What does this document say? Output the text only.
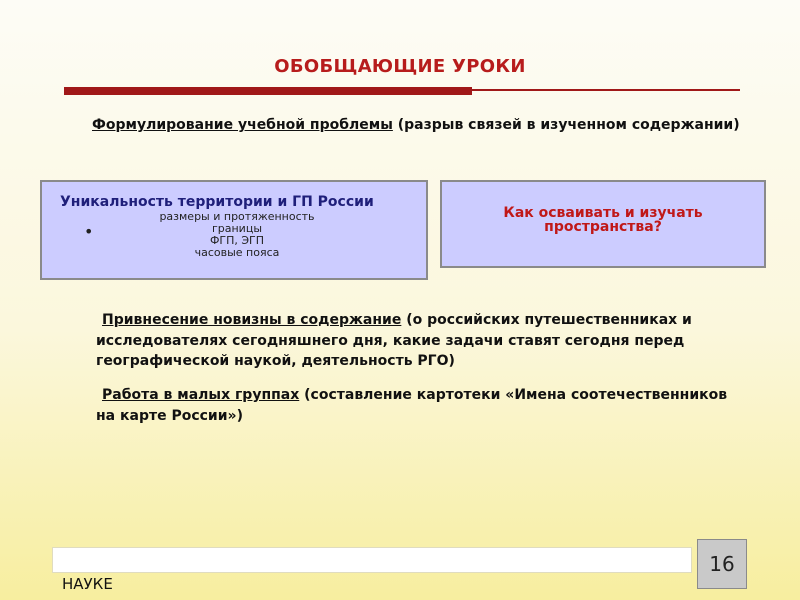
ОБОБЩАЮЩИЕ УРОКИ
Формулирование учебной проблемы (разрыв связей в изученном содержании)
Уникальность территории и ГП России
•
размеры и протяженность
границы
ФГП, ЭГП
часовые пояса
Как осваивать и изучать
пространства?
Привнесение новизны в содержание (о российских путешественниках и исследователях сегодняшнего дня, какие задачи ставят сегодня перед географической наукой, деятельность РГО)
Работа в малых группах (составление картотеки «Имена соотечественников на карте России»)
НАУКЕ
16
